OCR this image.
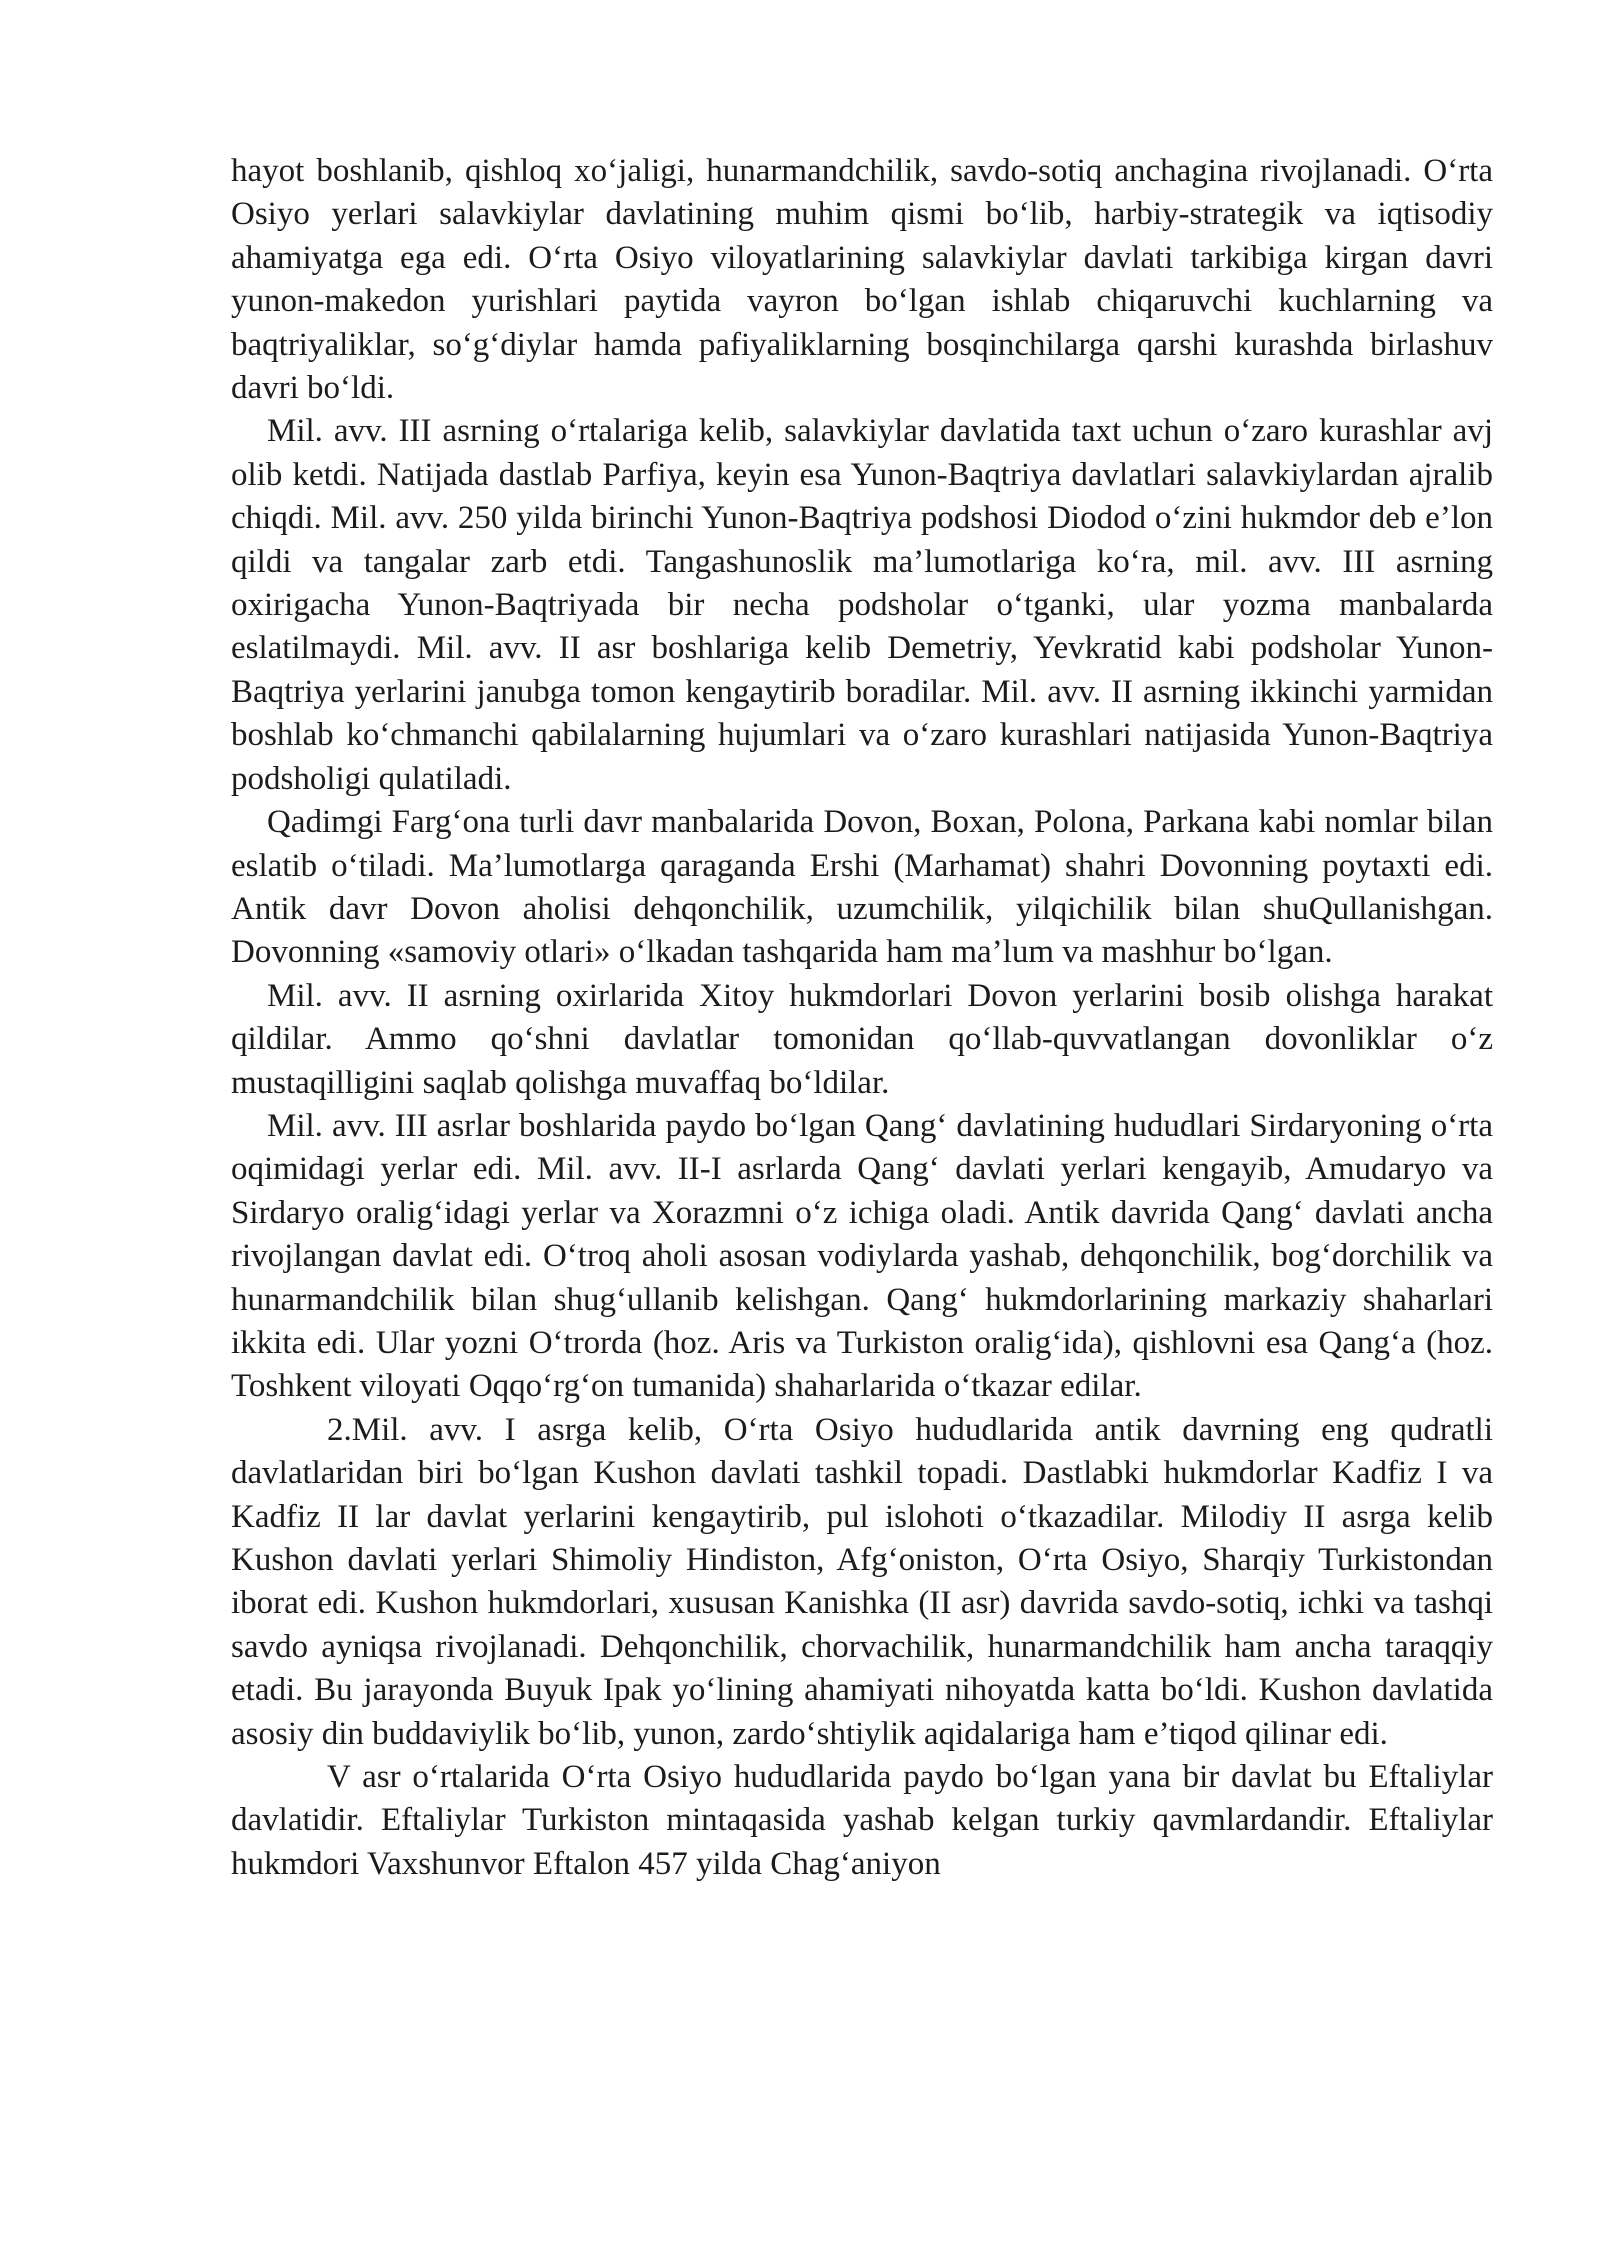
hayot boshlanib, qishloq xo‘jaligi, hunarmandchilik, savdo-sotiq anchagina rivojlanadi. O‘rta Osiyo yerlari salavkiylar davlatining muhim qismi bo‘lib, harbiy-strategik va iqtisodiy ahamiyatga ega edi. O‘rta Osiyo viloyatlarining salavkiylar davlati tarkibiga kirgan davri yunon-makedon yurishlari paytida vayron bo‘lgan ishlab chiqaruvchi kuchlarning va baqtriyaliklar, so‘g‘diylar hamda pafiyaliklarning bosqinchilarga qarshi kurashda birlashuv davri bo‘ldi.

Mil. avv. III asrning o‘rtalariga kelib, salavkiylar davlatida taxt uchun o‘zaro kurashlar avj olib ketdi. Natijada dastlab Parfiya, keyin esa Yunon-Baqtriya davlatlari salavkiylardan ajralib chiqdi. Mil. avv. 250 yilda birinchi Yunon-Baqtriya podshosi Diodod o‘zini hukmdor deb e’lon qildi va tangalar zarb etdi. Tangashunoslik ma’lumotlariga ko‘ra, mil. avv. III asrning oxirigacha Yunon-Baqtriyada bir necha podsholar o‘tganki, ular yozma manbalarda eslatilmaydi. Mil. avv. II asr boshlariga kelib Demetriy, Yevkratid kabi podsholar Yunon-Baqtriya yerlarini janubga tomon kengaytirib boradilar. Mil. avv. II asrning ikkinchi yarmidan boshlab ko‘chmanchi qabilalarning hujumlari va o‘zaro kurashlari natijasida Yunon-Baqtriya podsholigi qulatiladi.

Qadimgi Farg‘ona turli davr manbalarida Dovon, Boxan, Polona, Parkana kabi nomlar bilan eslatib o‘tiladi. Ma’lumotlarga qaraganda Ershi (Marhamat) shahri Dovonning poytaxti edi. Antik davr Dovon aholisi dehqonchilik, uzumchilik, yilqichilik bilan shuQullanishgan. Dovonning «samoviy otlari» o‘lkadan tashqarida ham ma’lum va mashhur bo‘lgan.

Mil. avv. II asrning oxirlarida Xitoy hukmdorlari Dovon yerlarini bosib olishga harakat qildilar. Ammo qo‘shni davlatlar tomonidan qo‘llab-quvvatlangan dovonliklar o‘z mustaqilligini saqlab qolishga muvaffaq bo‘ldilar.

Mil. avv. III asrlar boshlarida paydo bo‘lgan Qang‘ davlatining hududlari Sirdaryoning o‘rta oqimidagi yerlar edi. Mil. avv. II-I asrlarda Qang‘ davlati yerlari kengayib, Amudaryo va Sirdaryo oralig‘idagi yerlar va Xorazmni o‘z ichiga oladi. Antik davrida Qang‘ davlati ancha rivojlangan davlat edi. O‘troq aholi asosan vodiylarda yashab, dehqonchilik, bog‘dorchilik va hunarmandchilik bilan shug‘ullanib kelishgan. Qang‘ hukmdorlarining markaziy shaharlari ikkita edi. Ular yozni O‘trorda (hoz. Aris va Turkiston oralig‘ida), qishlovni esa Qang‘a (hoz. Toshkent viloyati Oqqo‘rg‘on tumanida) shaharlarida o‘tkazar edilar.

2.Mil. avv. I asrga kelib, O‘rta Osiyo hududlarida antik davrning eng qudratli davlatlaridan biri bo‘lgan Kushon davlati tashkil topadi. Dastlabki hukmdorlar Kadfiz I va Kadfiz II lar davlat yerlarini kengaytirib, pul islohoti o‘tkazadilar. Milodiy II asrga kelib Kushon davlati yerlari Shimoliy Hindiston, Afg‘oniston, O‘rta Osiyo, Sharqiy Turkistondan iborat edi. Kushon hukmdorlari, xususan Kanishka (II asr) davrida savdo-sotiq, ichki va tashqi savdo ayniqsa rivojlanadi. Dehqonchilik, chorvachilik, hunarmandchilik ham ancha taraqqiy etadi. Bu jarayonda Buyuk Ipak yo‘lining ahamiyati nihoyatda katta bo‘ldi. Kushon davlatida asosiy din buddaviylik bo‘lib, yunon, zardo‘shtiylik aqidalariga ham e’tiqod qilinar edi.

V asr o‘rtalarida O‘rta Osiyo hududlarida paydo bo‘lgan yana bir davlat bu Eftaliylar davlatidir. Eftaliylar Turkiston mintaqasida yashab kelgan turkiy qavmlardandir. Eftaliylar hukmdori Vaxshunvor Eftalon 457 yilda Chag‘aniyon
